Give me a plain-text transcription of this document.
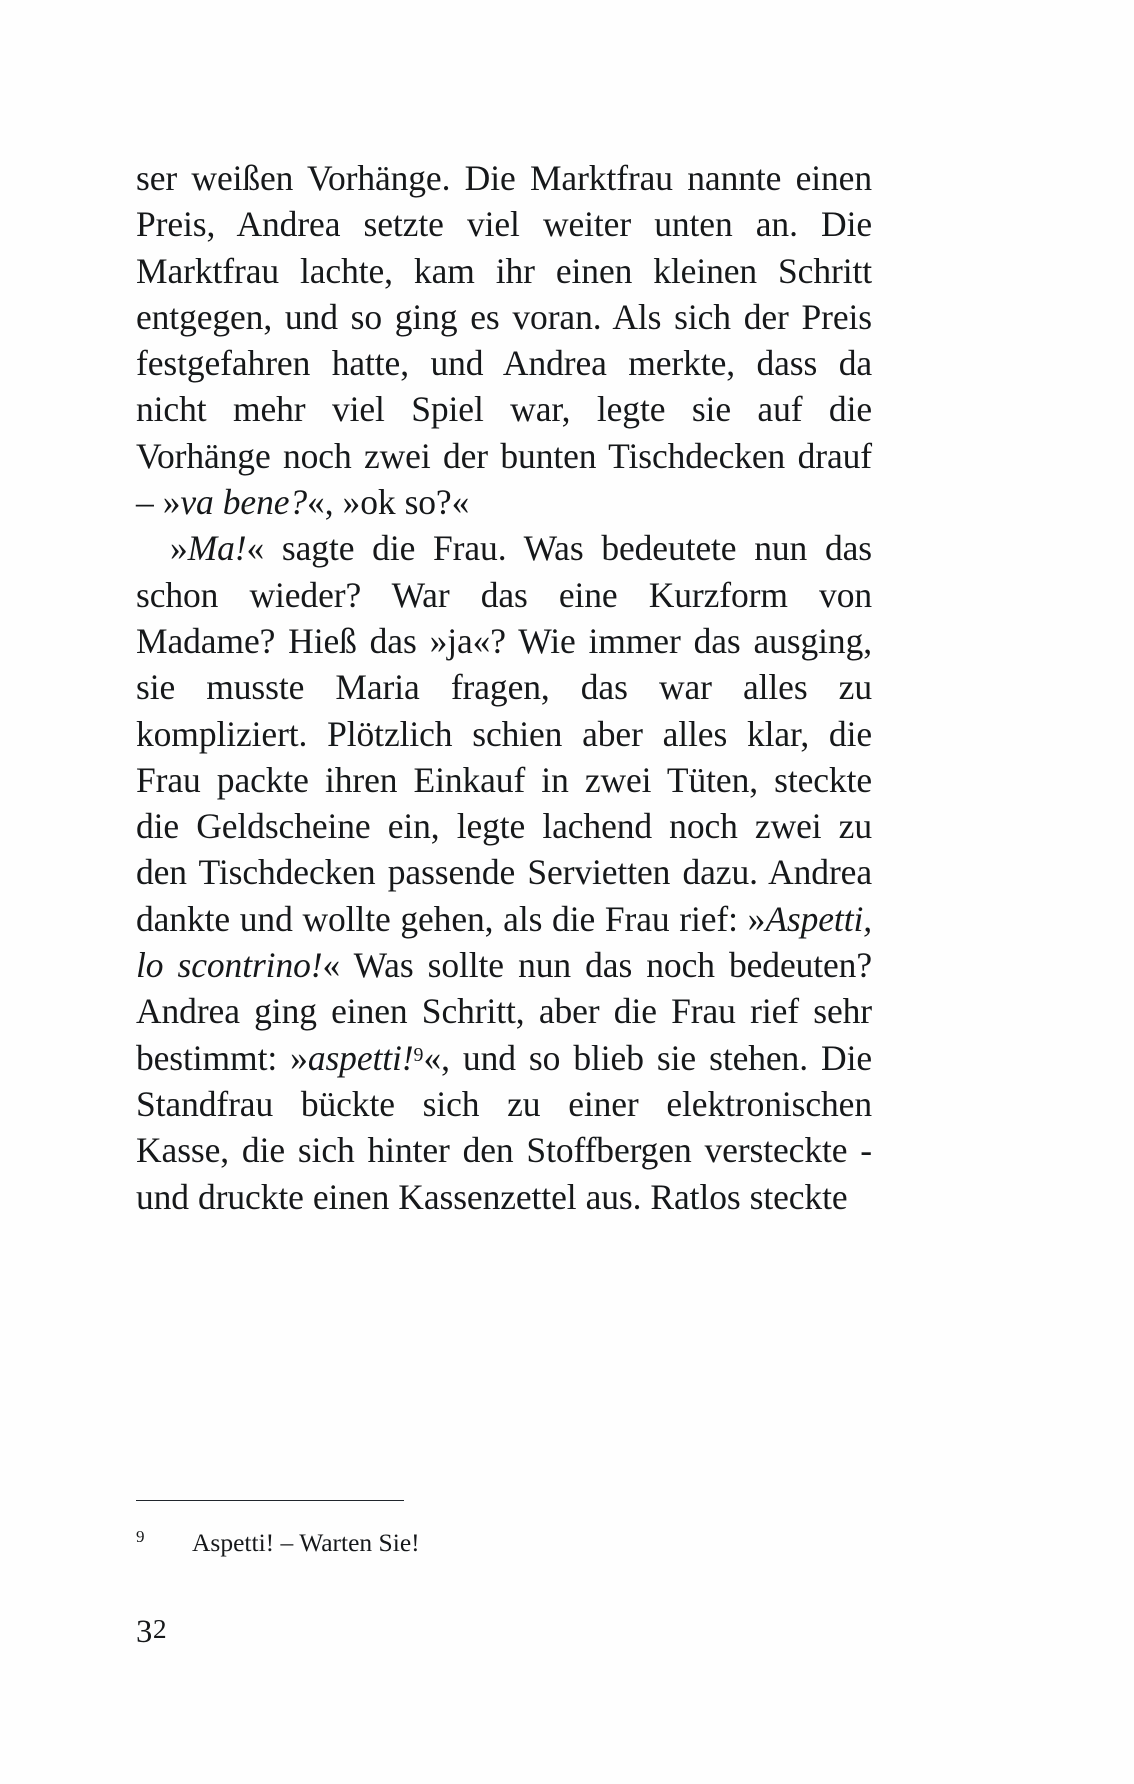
ser weißen Vorhänge. Die Marktfrau nannte einen Preis, Andrea setzte viel weiter unten an. Die Marktfrau lachte, kam ihr einen kleinen Schritt entgegen, und so ging es voran. Als sich der Preis festgefahren hatte, und Andrea merkte, dass da nicht mehr viel Spiel war, legte sie auf die Vorhänge noch zwei der bunten Tischdecken drauf – »va bene?«, »ok so?«

»Ma!« sagte die Frau. Was bedeutete nun das schon wieder? War das eine Kurzform von Madame? Hieß das »ja«? Wie immer das ausging, sie musste Maria fragen, das war alles zu kompliziert. Plötzlich schien aber alles klar, die Frau packte ihren Einkauf in zwei Tüten, steckte die Geldscheine ein, legte lachend noch zwei zu den Tischdecken passende Servietten dazu. Andrea dankte und wollte gehen, als die Frau rief: »Aspetti, lo scontrino!« Was sollte nun das noch bedeuten? Andrea ging einen Schritt, aber die Frau rief sehr bestimmt: »aspetti!$^9$«, und so blieb sie stehen. Die Standfrau bückte sich zu einer elektronischen Kasse, die sich hinter den Stoffbergen versteckte - und druckte einen Kassenzettel aus. Ratlos steckte

9	Aspetti! – Warten Sie!
32
